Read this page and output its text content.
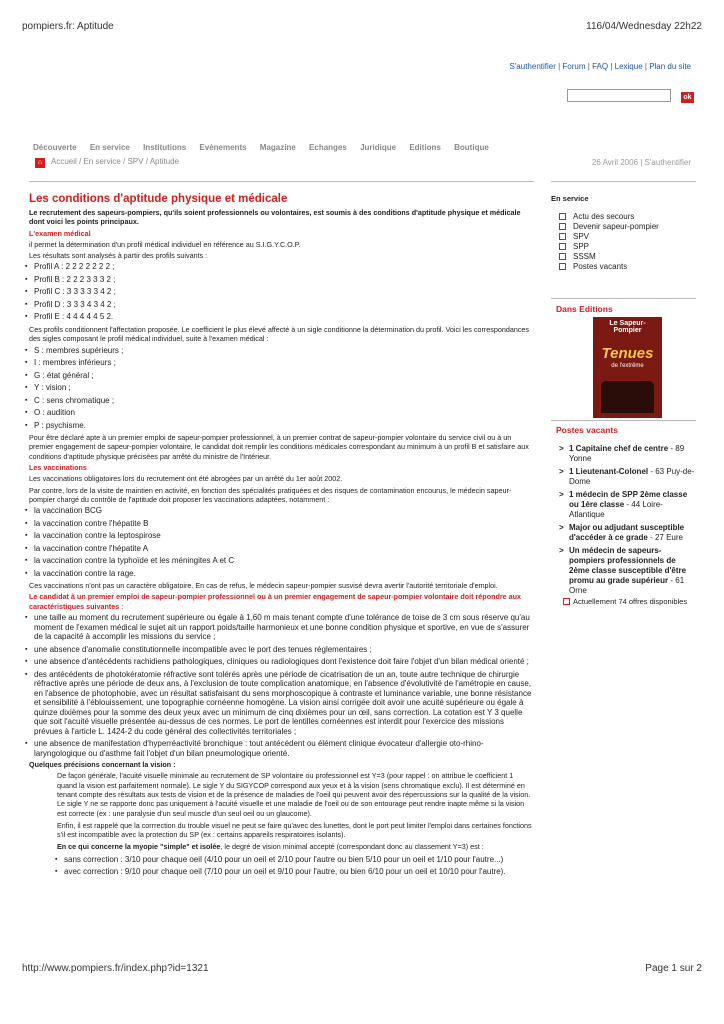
pompiers.fr: Aptitude	116/04/Wednesday 22h22
S'authentifier | Forum | FAQ | Lexique | Plan du site
ok
Découverte En service Institutions Evènements Magazine Echanges Juridique Editions Boutique
⌂	Accueil / En service / SPV / Aptitude	26 Avril 2006 | S'authentifier
Les conditions d'aptitude physique et médicale

Le recrutement des sapeurs-pompiers, qu'ils soient professionnels ou volontaires, est soumis à des conditions d'aptitude physique et médicale dont voici les points principaux.

L'examen médical

il permet la détermination d'un profil médical individuel en référence au S.I.G.Y.C.O.P.

Les résultats sont analysés à partir des profils suivants :

▪ Profil A : 2 2 2 2 2 2 2 ;
▪ Profil B : 2 2 2 3 3 3 2 ;
▪ Profil C : 3 3 3 3 3 4 2 ;
▪ Profil D : 3 3 3 4 3 4 2 ;
▪ Profil E : 4 4 4 4 4 5 2.

Ces profils conditionnent l'affectation proposée. Le coefficient le plus élevé affecté à un sigle conditionne la détermination du profil. Voici les correspondances des sigles composant le profil médical individuel, suite à l'examen médical :

▪ S : membres supérieurs ;
▪ I : membres inférieurs ;
▪ G : état général ;
▪ Y : vision ;
▪ C : sens chromatique ;
▪ O : audition
▪ P : psychisme.

Pour être déclaré apte à un premier emploi de sapeur-pompier professionnel, à un premier contrat de sapeur-pompier volontaire du service civil ou à un premier engagement de sapeur-pompier volontaire, le candidat doit remplir les conditions médicales correspondant au minimum à un profil B et satisfaire aux conditions d'aptitude physique précisées par arrêté du ministre de l'Intérieur.

Les vaccinations

Les vaccinations obligatoires lors du recrutement ont été abrogées par un arrêté du 1er août 2002.

Par contre, lors de la visite de maintien en activité, en fonction des spécialités pratiquées et des risques de contamination encourus, le médecin sapeur-pompier chargé du contrôle de l'aptitude doit proposer les vaccinations adaptées, notamment :

▪ la vaccination BCG
▪ la vaccination contre l'hépatite B
▪ la vaccination contre la leptospirose
▪ la vaccination contre l'hépatite A
▪ la vaccination contre la typhoïde et les méningites A et C
▪ la vaccination contre la rage.

Ces vaccinations n'ont pas un caractère obligatoire. En cas de refus, le médecin sapeur-pompier susvisé devra avertir l'autorité territoriale d'emploi.

Le candidat à un premier emploi de sapeur-pompier professionnel ou à un premier engagement de sapeur-pompier volontaire doit répondre aux caractéristiques suivantes :

▪ une taille au moment du recrutement supérieure ou égale à 1,60 m mais tenant compte d'une tolérance de toise de 3 cm sous réserve qu'au moment de l'examen médical le sujet ait un rapport poids/taille harmonieux et une bonne condition physique et sportive, en vue de s'assurer de la capacité à accomplir les missions du service ;
▪ une absence d'anomalie constitutionnelle incompatible avec le port des tenues réglementaires ;
▪ une absence d'antécédents rachidiens pathologiques, cliniques ou radiologiques dont l'existence doit faire l'objet d'un bilan médical orienté ;
▪ des antécédents de photokératomie réfractive sont tolérés après une période de cicatrisation de un an, toute autre technique de chirurgie réfractive après une période de deux ans, à l'exclusion de toute complication anatomique, en l'absence d'évolutivité de l'amétropie en cause, en l'absence de photophobie, avec un résultat satisfaisant du sens morphoscopique à contraste et luminance variable, une bonne résistance et sensibilité à l'éblouissement, une topographie cornéenne homogène. La vision ainsi corrigée doit avoir une acuité supérieure ou égale à quinze dixièmes pour la somme des deux yeux avec un minimum de cinq dixièmes pour un œil, sans correction. La cotation est Y 3 quelle que soit l'acuité visuelle présentée au-dessus de ces normes. Le port de lentilles cornéennes est interdit pour l'exercice des missions prévues à l'article L. 1424-2 du code général des collectivités territoriales ;
▪ une absence de manifestation d'hyperréactivité bronchique : tout antécédent ou élément clinique évocateur d'allergie oto-rhino-laryngologique ou d'asthme fait l'objet d'un bilan pneumologique orienté.

Quelques précisions concernant la vision :

De façon générale, l'acuité visuelle minimale au recrutement de SP volontaire ou professionnel est Y=3 (pour rappel : on attribue le coefficient 1 quand la vision est parfaitement normale). Le sigle Y du SIGYCOP correspond aux yeux et à la vision (sens chromatique exclu). Il est déterminé en tenant compte des résultats aux tests de vision et de la présence de maladies de l'oeil qui peuvent avoir des répercussions sur la qualité de la vision. Le sigle Y ne se rapporte donc pas uniquement à l'acuité visuelle et une maladie de l'oeil ou de son entourage peut rendre inapte même si la vision est correcte (ex : une paralysie d'un seul muscle d'un seul oeil ou un glaucome).

Enfin, il est rappelé que la corrrection du trouble visuel ne peut se faire qu'avec des lunettes, dont le port peut limiter l'emploi dans certaines fonctions s'il est incompatible avec la protection du SP (ex : certains appareils respiratoires isolants).

En ce qui concerne la myopie "simple" et isolée, le degré de vision minimal accepté (correspondant donc au classement Y=3) est :

▪ sans correction : 3/10 pour chaque oeil (4/10 pour un oeil et 2/10 pour l'autre ou bien 5/10 pour un oeil et 1/10 pour l'autre...)
▪ avec correction : 9/10 pour chaque oeil (7/10 pour un oeil et 9/10 pour l'autre, ou bien 6/10 pour un oeil et 10/10 pour l'autre).
En service
Actu des secours
Devenir sapeur-pompier
SPV
SPP
SSSM
Postes vacants
Dans Editions
Le Sapeur-Pompier
Tenues
de l'extrême
Postes vacants
> 1 Capitaine chef de centre - 89 Yonne
> 1 Lieutenant-Colonel - 63 Puy-de-Dome
> 1 médecin de SPP 2ème classe ou 1ère classe - 44 Loire-Atlantique
> Major ou adjudant susceptible d'accéder à ce grade - 27 Eure
> Un médecin de sapeurs-pompiers professionnels de 2ème classe susceptible d'être promu au grade supérieur - 61 Orne
Actuellement 74 offres disponibles
http://www.pompiers.fr/index.php?id=1321	Page 1 sur 2
